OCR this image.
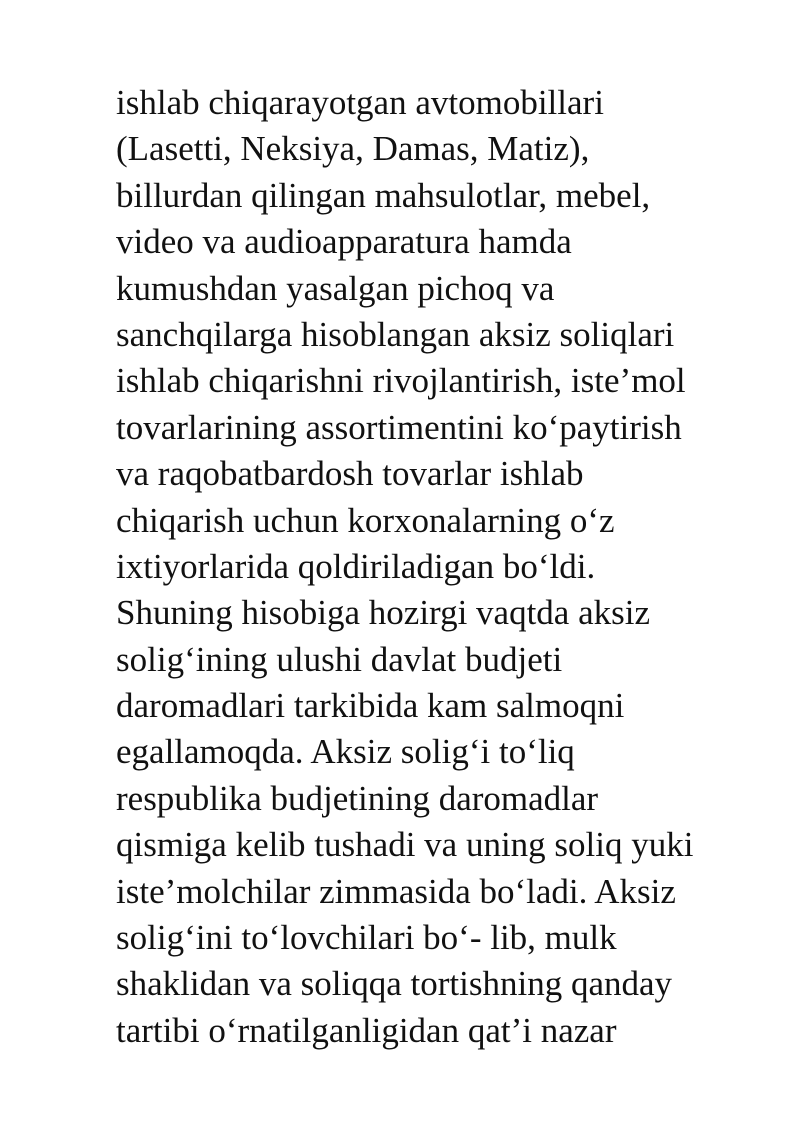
ishlab chiqarayotgan avtomobillari
(Lasetti, Neksiya, Damas, Matiz),
billurdan qilingan mahsulotlar, mebel,
video va audioapparatura hamda
kumushdan yasalgan pichoq va
sanchqilarga hisoblangan aksiz soliqlari
ishlab chiqarishni rivojlantirish, iste’mol
tovarlarining assortimentini ko‘paytirish
va raqobatbardosh tovarlar ishlab
chiqarish uchun korxonalarning o‘z
ixtiyorlarida qoldiriladigan bo‘ldi.
Shuning hisobiga hozirgi vaqtda aksiz
solig‘ining ulushi davlat budjeti
daromadlari tarkibida kam salmoqni
egallamoqda. Aksiz solig‘i to‘liq
respublika budjetining daromadlar
qismiga kelib tushadi va uning soliq yuki
iste’molchilar zimmasida bo‘ladi. Aksiz
solig‘ini to‘lovchilari bo‘- lib, mulk
shaklidan va soliqqa tortishning qanday
tartibi o‘rnatilganligidan qat’i nazar
